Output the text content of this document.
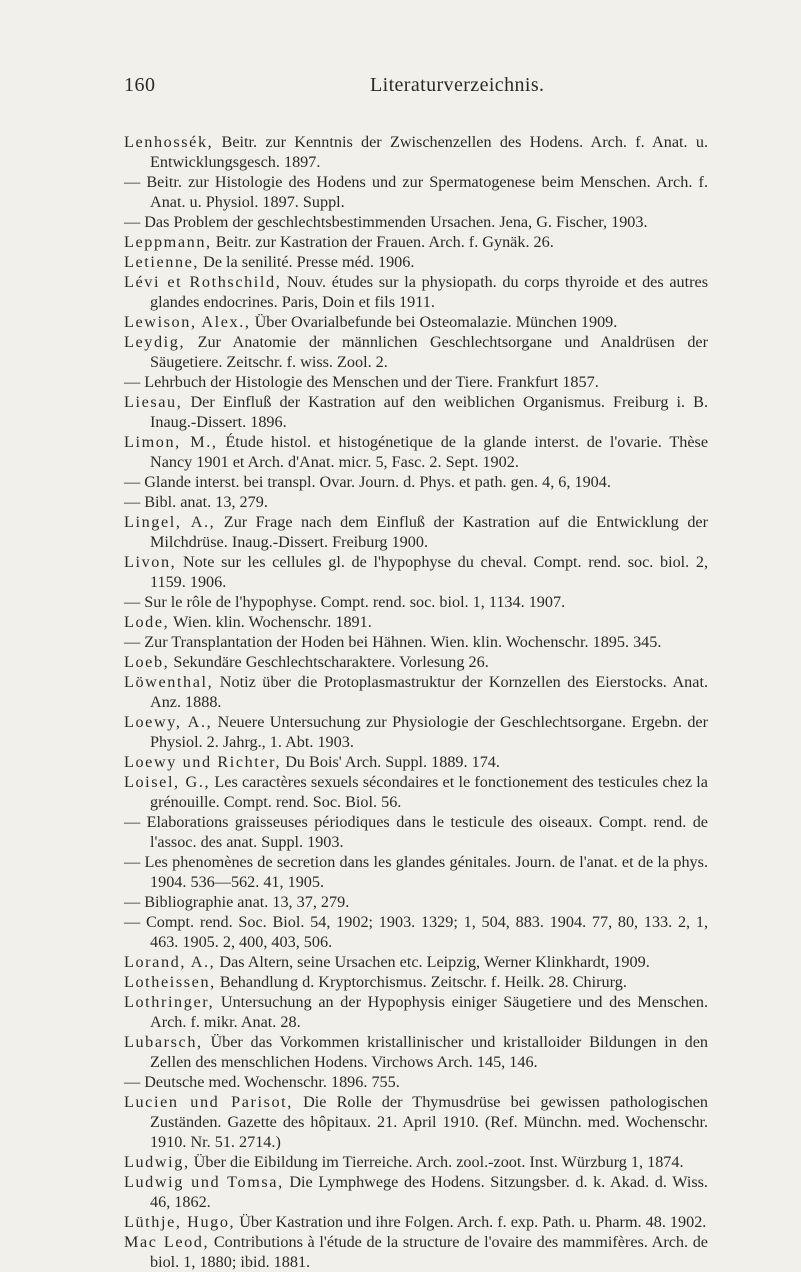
160	Literaturverzeichnis.
Lenhossék, Beitr. zur Kenntnis der Zwischenzellen des Hodens. Arch. f. Anat. u. Entwicklungsgesch. 1897.
— Beitr. zur Histologie des Hodens und zur Spermatogenese beim Menschen. Arch. f. Anat. u. Physiol. 1897. Suppl.
— Das Problem der geschlechtsbestimmenden Ursachen. Jena, G. Fischer, 1903.
Leppmann, Beitr. zur Kastration der Frauen. Arch. f. Gynäk. 26.
Letienne, De la senilité. Presse méd. 1906.
Lévi et Rothschild, Nouv. études sur la physiopath. du corps thyroide et des autres glandes endocrines. Paris, Doin et fils 1911.
Lewison, Alex., Über Ovarialbefunde bei Osteomalazie. München 1909.
Leydig, Zur Anatomie der männlichen Geschlechtsorgane und Analdrüsen der Säugetiere. Zeitschr. f. wiss. Zool. 2.
— Lehrbuch der Histologie des Menschen und der Tiere. Frankfurt 1857.
Liesau, Der Einfluß der Kastration auf den weiblichen Organismus. Freiburg i. B. Inaug.-Dissert. 1896.
Limon, M., Étude histol. et histogénetique de la glande interst. de l'ovarie. Thèse Nancy 1901 et Arch. d'Anat. micr. 5, Fasc. 2. Sept. 1902.
— Glande interst. bei transpl. Ovar. Journ. d. Phys. et path. gen. 4, 6, 1904.
— Bibl. anat. 13, 279.
Lingel, A., Zur Frage nach dem Einfluß der Kastration auf die Entwicklung der Milchdrüse. Inaug.-Dissert. Freiburg 1900.
Livon, Note sur les cellules gl. de l'hypophyse du cheval. Compt. rend. soc. biol. 2, 1159. 1906.
— Sur le rôle de l'hypophyse. Compt. rend. soc. biol. 1, 1134. 1907.
Lode, Wien. klin. Wochenschr. 1891.
— Zur Transplantation der Hoden bei Hähnen. Wien. klin. Wochenschr. 1895. 345.
Loeb, Sekundäre Geschlechtscharaktere. Vorlesung 26.
Löwenthal, Notiz über die Protoplasmastruktur der Kornzellen des Eierstocks. Anat. Anz. 1888.
Loewy, A., Neuere Untersuchung zur Physiologie der Geschlechtsorgane. Ergebn. der Physiol. 2. Jahrg., 1. Abt. 1903.
Loewy und Richter, Du Bois' Arch. Suppl. 1889. 174.
Loisel, G., Les caractères sexuels sécondaires et le fonctionement des testicules chez la grénouille. Compt. rend. Soc. Biol. 56.
— Elaborations graisseuses périodiques dans le testicule des oiseaux. Compt. rend. de l'assoc. des anat. Suppl. 1903.
— Les phenomènes de secretion dans les glandes génitales. Journ. de l'anat. et de la phys. 1904. 536—562. 41, 1905.
— Bibliographie anat. 13, 37, 279.
— Compt. rend. Soc. Biol. 54, 1902; 1903. 1329; 1, 504, 883. 1904. 77, 80, 133. 2, 1, 463. 1905. 2, 400, 403, 506.
Lorand, A., Das Altern, seine Ursachen etc. Leipzig, Werner Klinkhardt, 1909.
Lotheissen, Behandlung d. Kryptorchismus. Zeitschr. f. Heilk. 28. Chirurg.
Lothringer, Untersuchung an der Hypophysis einiger Säugetiere und des Menschen. Arch. f. mikr. Anat. 28.
Lubarsch, Über das Vorkommen kristallinischer und kristalloider Bildungen in den Zellen des menschlichen Hodens. Virchows Arch. 145, 146.
— Deutsche med. Wochenschr. 1896. 755.
Lucien und Parisot, Die Rolle der Thymusdrüse bei gewissen pathologischen Zuständen. Gazette des hôpitaux. 21. April 1910. (Ref. Münchn. med. Wochenschr. 1910. Nr. 51. 2714.)
Ludwig, Über die Eibildung im Tierreiche. Arch. zool.-zoot. Inst. Würzburg 1, 1874.
Ludwig und Tomsa, Die Lymphwege des Hodens. Sitzungsber. d. k. Akad. d. Wiss. 46, 1862.
Lüthje, Hugo, Über Kastration und ihre Folgen. Arch. f. exp. Path. u. Pharm. 48. 1902.
Mac Leod, Contributions à l'étude de la structure de l'ovaire des mammifères. Arch. de biol. 1, 1880; ibid. 1881.
